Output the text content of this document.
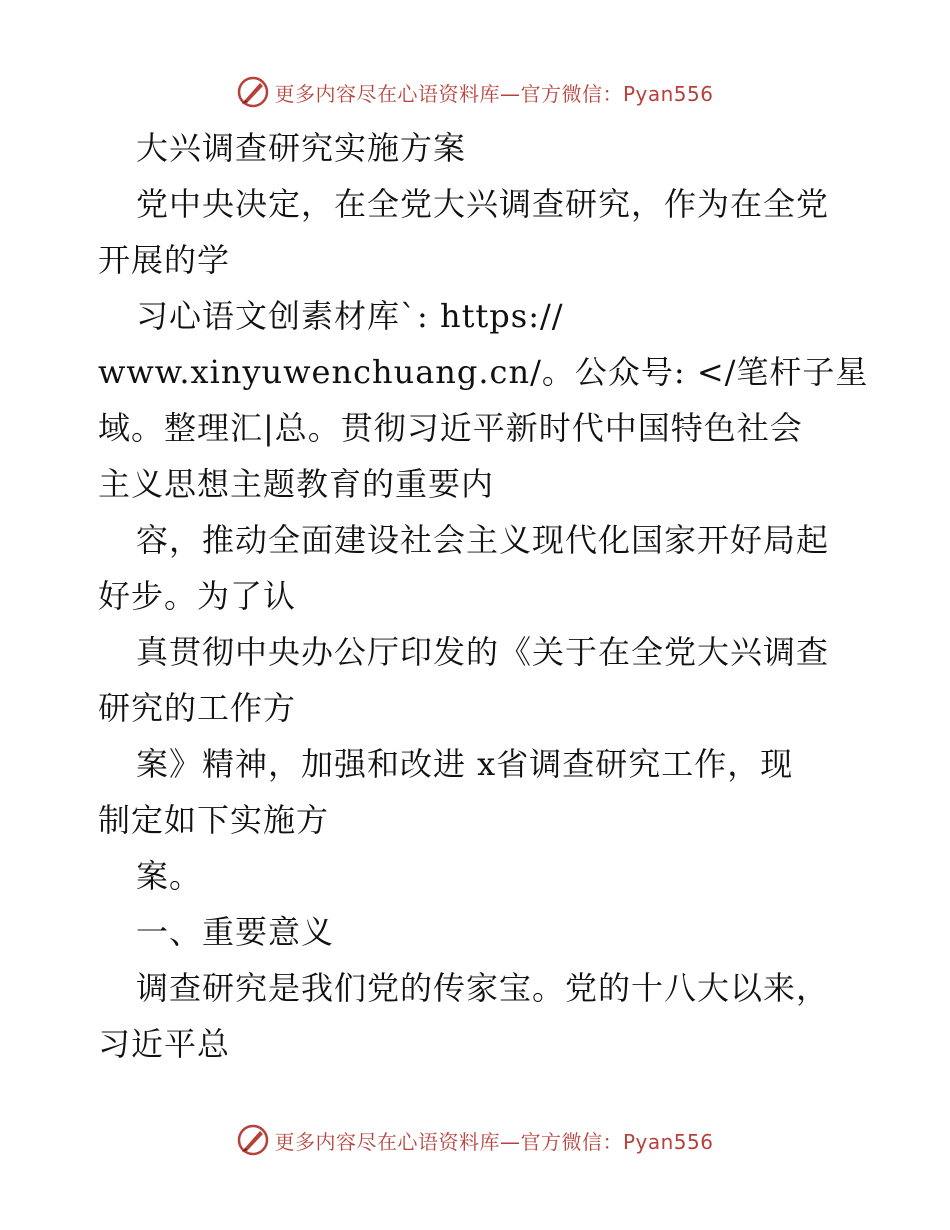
更多内容尽在心语资料库—官方微信：Pyan556
大兴调查研究实施方案
党中央决定，在全党大兴调查研究，作为在全党
开展的学
习心语文创素材库`: https://
www.xinyuwenchuang.cn/。公众号: </笔杆子星
域。整理汇|总。贯彻习近平新时代中国特色社会
主义思想主题教育的重要内
容，推动全面建设社会主义现代化国家开好局起
好步。为了认
真贯彻中央办公厅印发的《关于在全党大兴调查
研究的工作方
案》精神，加强和改进 x省调查研究工作，现
制定如下实施方
案。
一、重要意义
调查研究是我们党的传家宝。党的十八大以来，
习近平总
更多内容尽在心语资料库—官方微信：Pyan556
